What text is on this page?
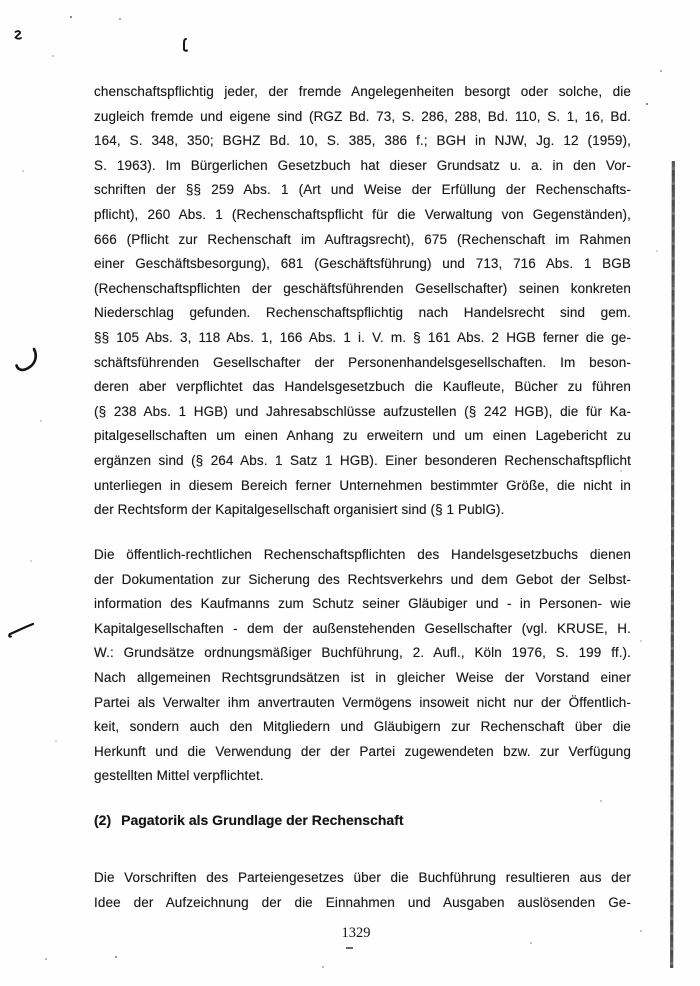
chenschaftspflichtig jeder, der fremde Angelegenheiten besorgt oder solche, die
zugleich fremde und eigene sind (RGZ Bd. 73, S. 286, 288, Bd. 110, S. 1, 16, Bd.
164, S. 348, 350; BGHZ Bd. 10, S. 385, 386 f.; BGH in NJW, Jg. 12 (1959),
S. 1963). Im Bürgerlichen Gesetzbuch hat dieser Grundsatz u. a. in den Vor-
schriften der §§ 259 Abs. 1 (Art und Weise der Erfüllung der Rechenschafts-
pflicht), 260 Abs. 1 (Rechenschaftspflicht für die Verwaltung von Gegenständen),
666 (Pflicht zur Rechenschaft im Auftragsrecht), 675 (Rechenschaft im Rahmen
einer Geschäftsbesorgung), 681 (Geschäftsführung) und 713, 716 Abs. 1 BGB
(Rechenschaftspflichten der geschäftsführenden Gesellschafter) seinen konkreten
Niederschlag gefunden. Rechenschaftspflichtig nach Handelsrecht sind gem.
§§ 105 Abs. 3, 118 Abs. 1, 166 Abs. 1 i. V. m. § 161 Abs. 2 HGB ferner die ge-
schäftsführenden Gesellschafter der Personenhandelsgesellschaften. Im beson-
deren aber verpflichtet das Handelsgesetzbuch die Kaufleute, Bücher zu führen
(§ 238 Abs. 1 HGB) und Jahresabschlüsse aufzustellen (§ 242 HGB), die für Ka-
pitalgesellschaften um einen Anhang zu erweitern und um einen Lagebericht zu
ergänzen sind (§ 264 Abs. 1 Satz 1 HGB). Einer besonderen Rechenschaftspflicht
unterliegen in diesem Bereich ferner Unternehmen bestimmter Größe, die nicht in
der Rechtsform der Kapitalgesellschaft organisiert sind (§ 1 PublG).
Die öffentlich-rechtlichen Rechenschaftspflichten des Handelsgesetzbuchs dienen
der Dokumentation zur Sicherung des Rechtsverkehrs und dem Gebot der Selbst-
information des Kaufmanns zum Schutz seiner Gläubiger und - in Personen- wie
Kapitalgesellschaften - dem der außenstehenden Gesellschafter (vgl. KRUSE, H.
W.: Grundsätze ordnungsmäßiger Buchführung, 2. Aufl., Köln 1976, S. 199 ff.).
Nach allgemeinen Rechtsgrundsätzen ist in gleicher Weise der Vorstand einer
Partei als Verwalter ihm anvertrauten Vermögens insoweit nicht nur der Öffentlich-
keit, sondern auch den Mitgliedern und Gläubigern zur Rechenschaft über die
Herkunft und die Verwendung der der Partei zugewendeten bzw. zur Verfügung
gestellten Mittel verpflichtet.
(2) Pagatorik als Grundlage der Rechenschaft
Die Vorschriften des Parteiengesetzes über die Buchführung resultieren aus der
Idee der Aufzeichnung der die Einnahmen und Ausgaben auslösenden Ge-
1329
